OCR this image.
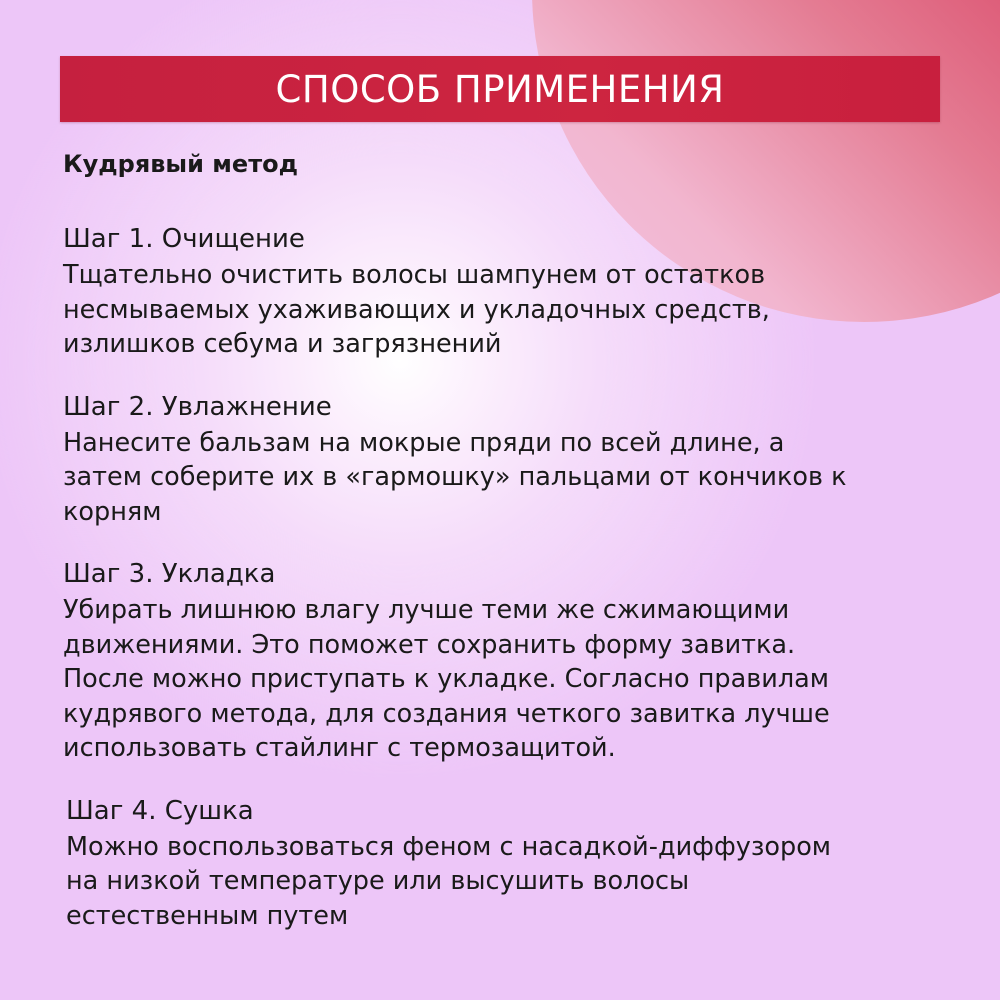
СПОСОБ ПРИМЕНЕНИЯ
Кудрявый метод
Шаг 1. Очищение
Тщательно очистить волосы шампунем от остатков
несмываемых ухаживающих и укладочных средств,
излишков себума и загрязнений
Шаг 2. Увлажнение
Нанесите бальзам на мокрые пряди по всей длине, а
затем соберите их в «гармошку» пальцами от кончиков к
корням
Шаг 3. Укладка
Убирать лишнюю влагу лучше теми же сжимающими
движениями. Это поможет сохранить форму завитка.
После можно приступать к укладке. Согласно правилам
кудрявого метода, для создания четкого завитка лучше
использовать стайлинг с термозащитой.
Шаг 4. Сушка
Можно воспользоваться феном с насадкой-диффузором
на низкой температуре или высушить волосы
естественным путем
